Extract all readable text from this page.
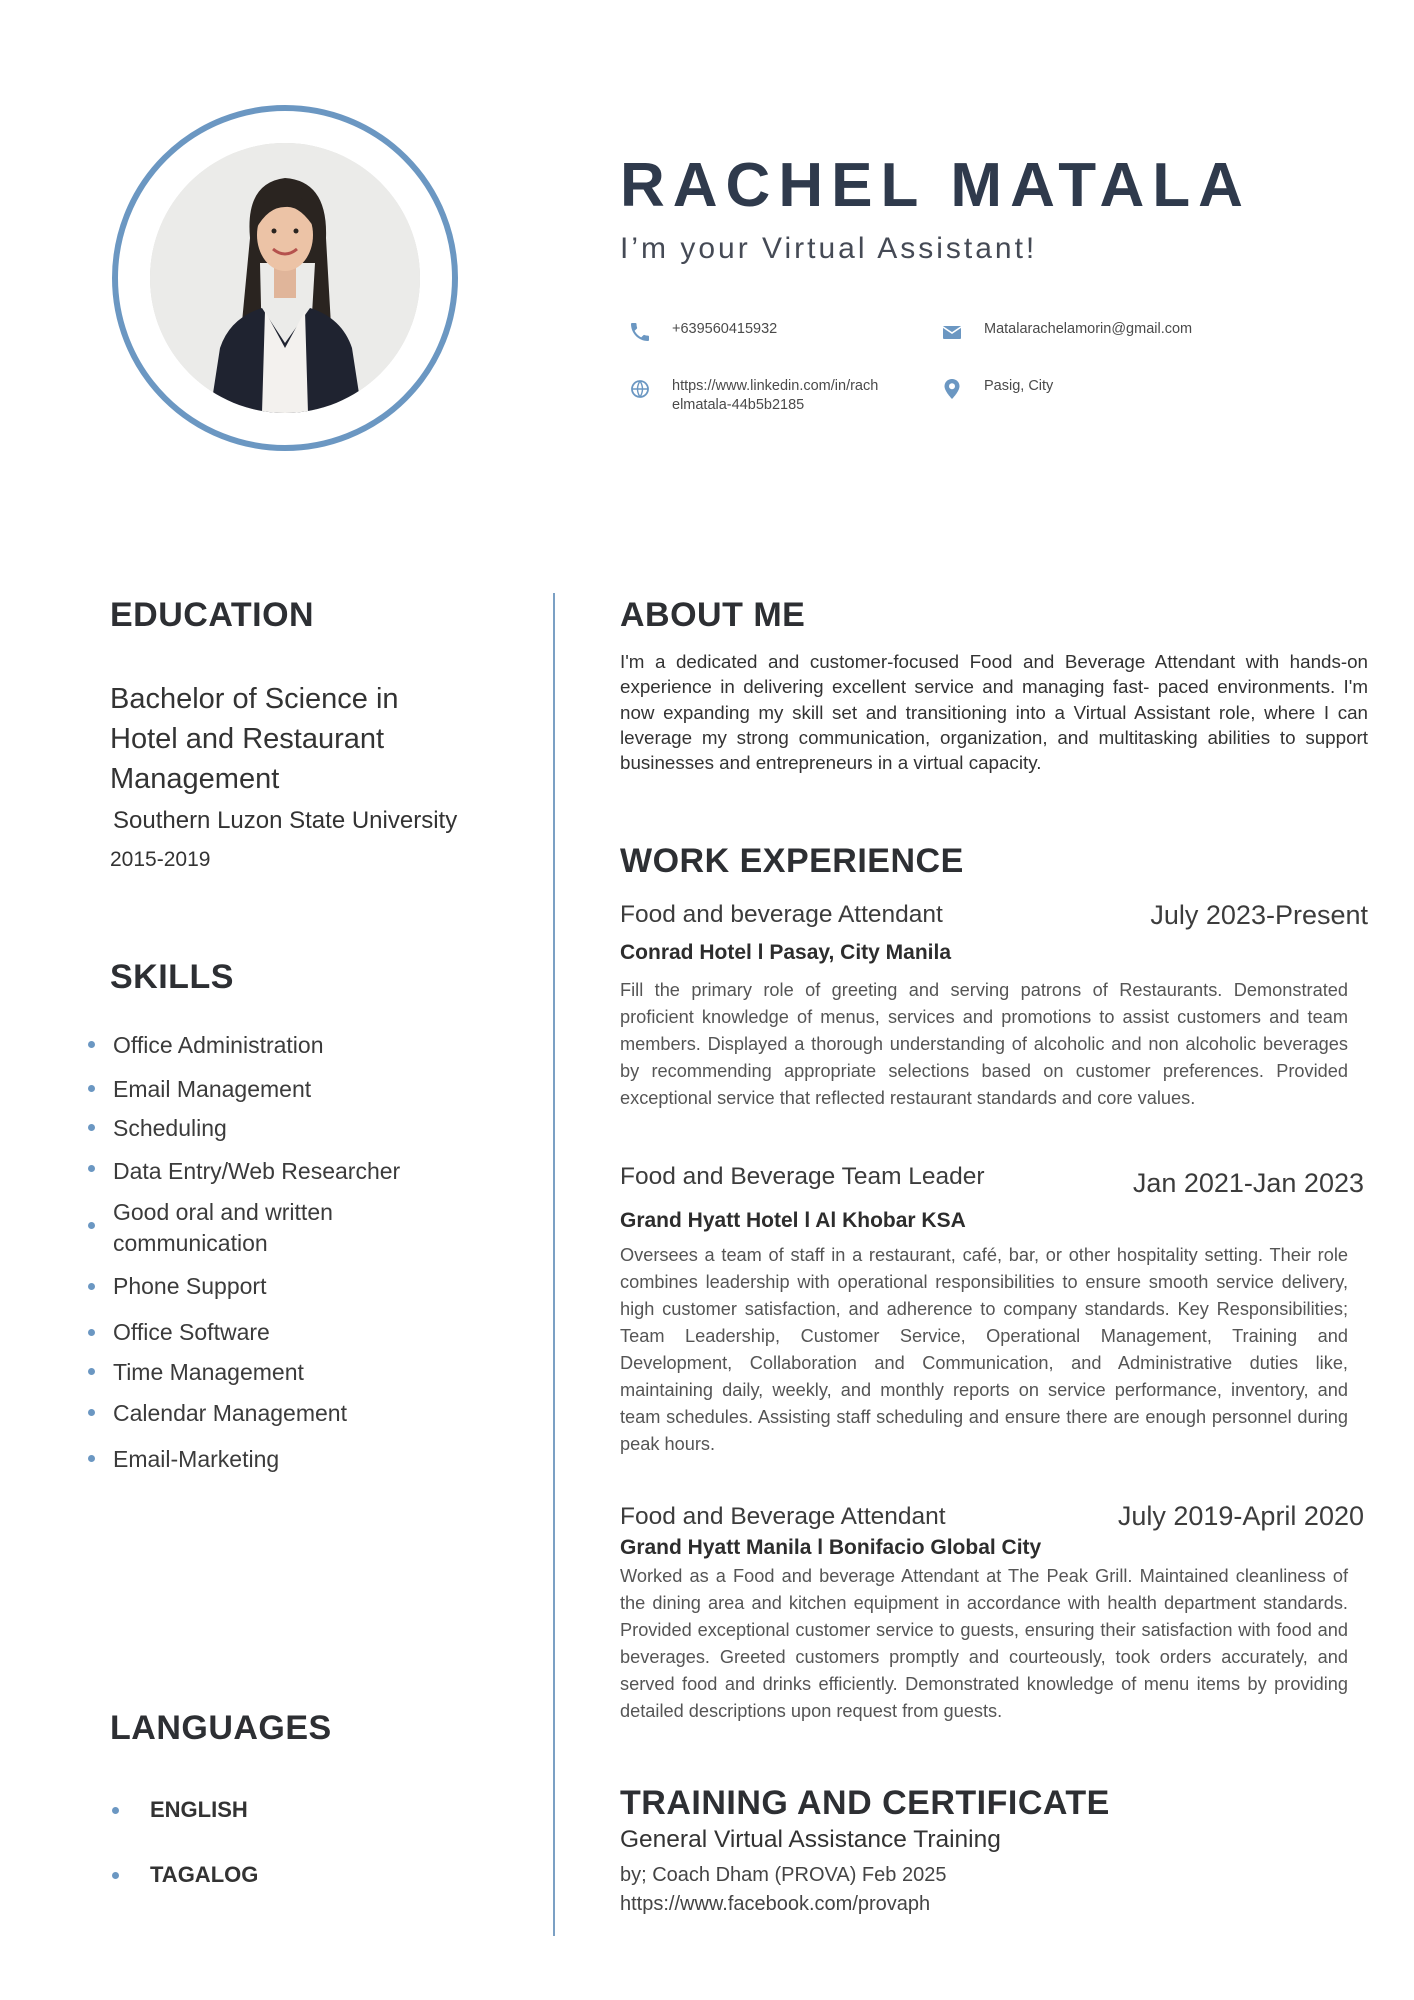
RACHEL MATALA
I’m your Virtual Assistant!
+639560415932	Matalarachelamorin@gmail.com
https://www.linkedin.com/in/rach
elmatala-44b5b2185
Pasig, City
EDUCATION
Bachelor of Science in
Hotel and Restaurant
Management
Southern Luzon State University
2015-2019
SKILLS
Office Administration
Email Management
Scheduling
Data Entry/Web Researcher
Good oral and written communication
Phone Support
Office Software
Time Management
Calendar Management
Email-Marketing
LANGUAGES
ENGLISH
TAGALOG
ABOUT ME
I'm a dedicated and customer-focused Food and Beverage Attendant with hands-on experience in delivering excellent service and managing fast- paced environments. I'm now expanding my skill set and transitioning into a Virtual Assistant role, where I can leverage my strong communication, organization, and multitasking abilities to support businesses and entrepreneurs in a virtual capacity.
WORK EXPERIENCE
Food and beverage Attendant	July 2023-Present
Conrad Hotel l Pasay, City Manila
Fill the primary role of greeting and serving patrons of Restaurants. Demonstrated proficient knowledge of menus, services and promotions to assist customers and team members. Displayed a thorough understanding of alcoholic and non alcoholic beverages by recommending appropriate selections based on customer preferences. Provided exceptional service that reflected restaurant standards and core values.
Food and Beverage Team Leader	Jan 2021-Jan 2023
Grand Hyatt Hotel l Al Khobar KSA
Oversees a team of staff in a restaurant, café, bar, or other hospitality setting. Their role combines leadership with operational responsibilities to ensure smooth service delivery, high customer satisfaction, and adherence to company standards. Key Responsibilities; Team Leadership, Customer Service, Operational Management, Training and Development, Collaboration and Communication, and Administrative duties like, maintaining daily, weekly, and monthly reports on service performance, inventory, and team schedules. Assisting staff scheduling and ensure there are enough personnel during peak hours.
Food and Beverage Attendant	July 2019-April 2020
Grand Hyatt Manila l Bonifacio Global City
Worked as a Food and beverage Attendant at The Peak Grill. Maintained cleanliness of the dining area and kitchen equipment in accordance with health department standards. Provided exceptional customer service to guests, ensuring their satisfaction with food and beverages. Greeted customers promptly and courteously, took orders accurately, and served food and drinks efficiently. Demonstrated knowledge of menu items by providing detailed descriptions upon request from guests.
TRAINING AND CERTIFICATE
General Virtual Assistance Training
by; Coach Dham (PROVA) Feb 2025
https://www.facebook.com/provaph
